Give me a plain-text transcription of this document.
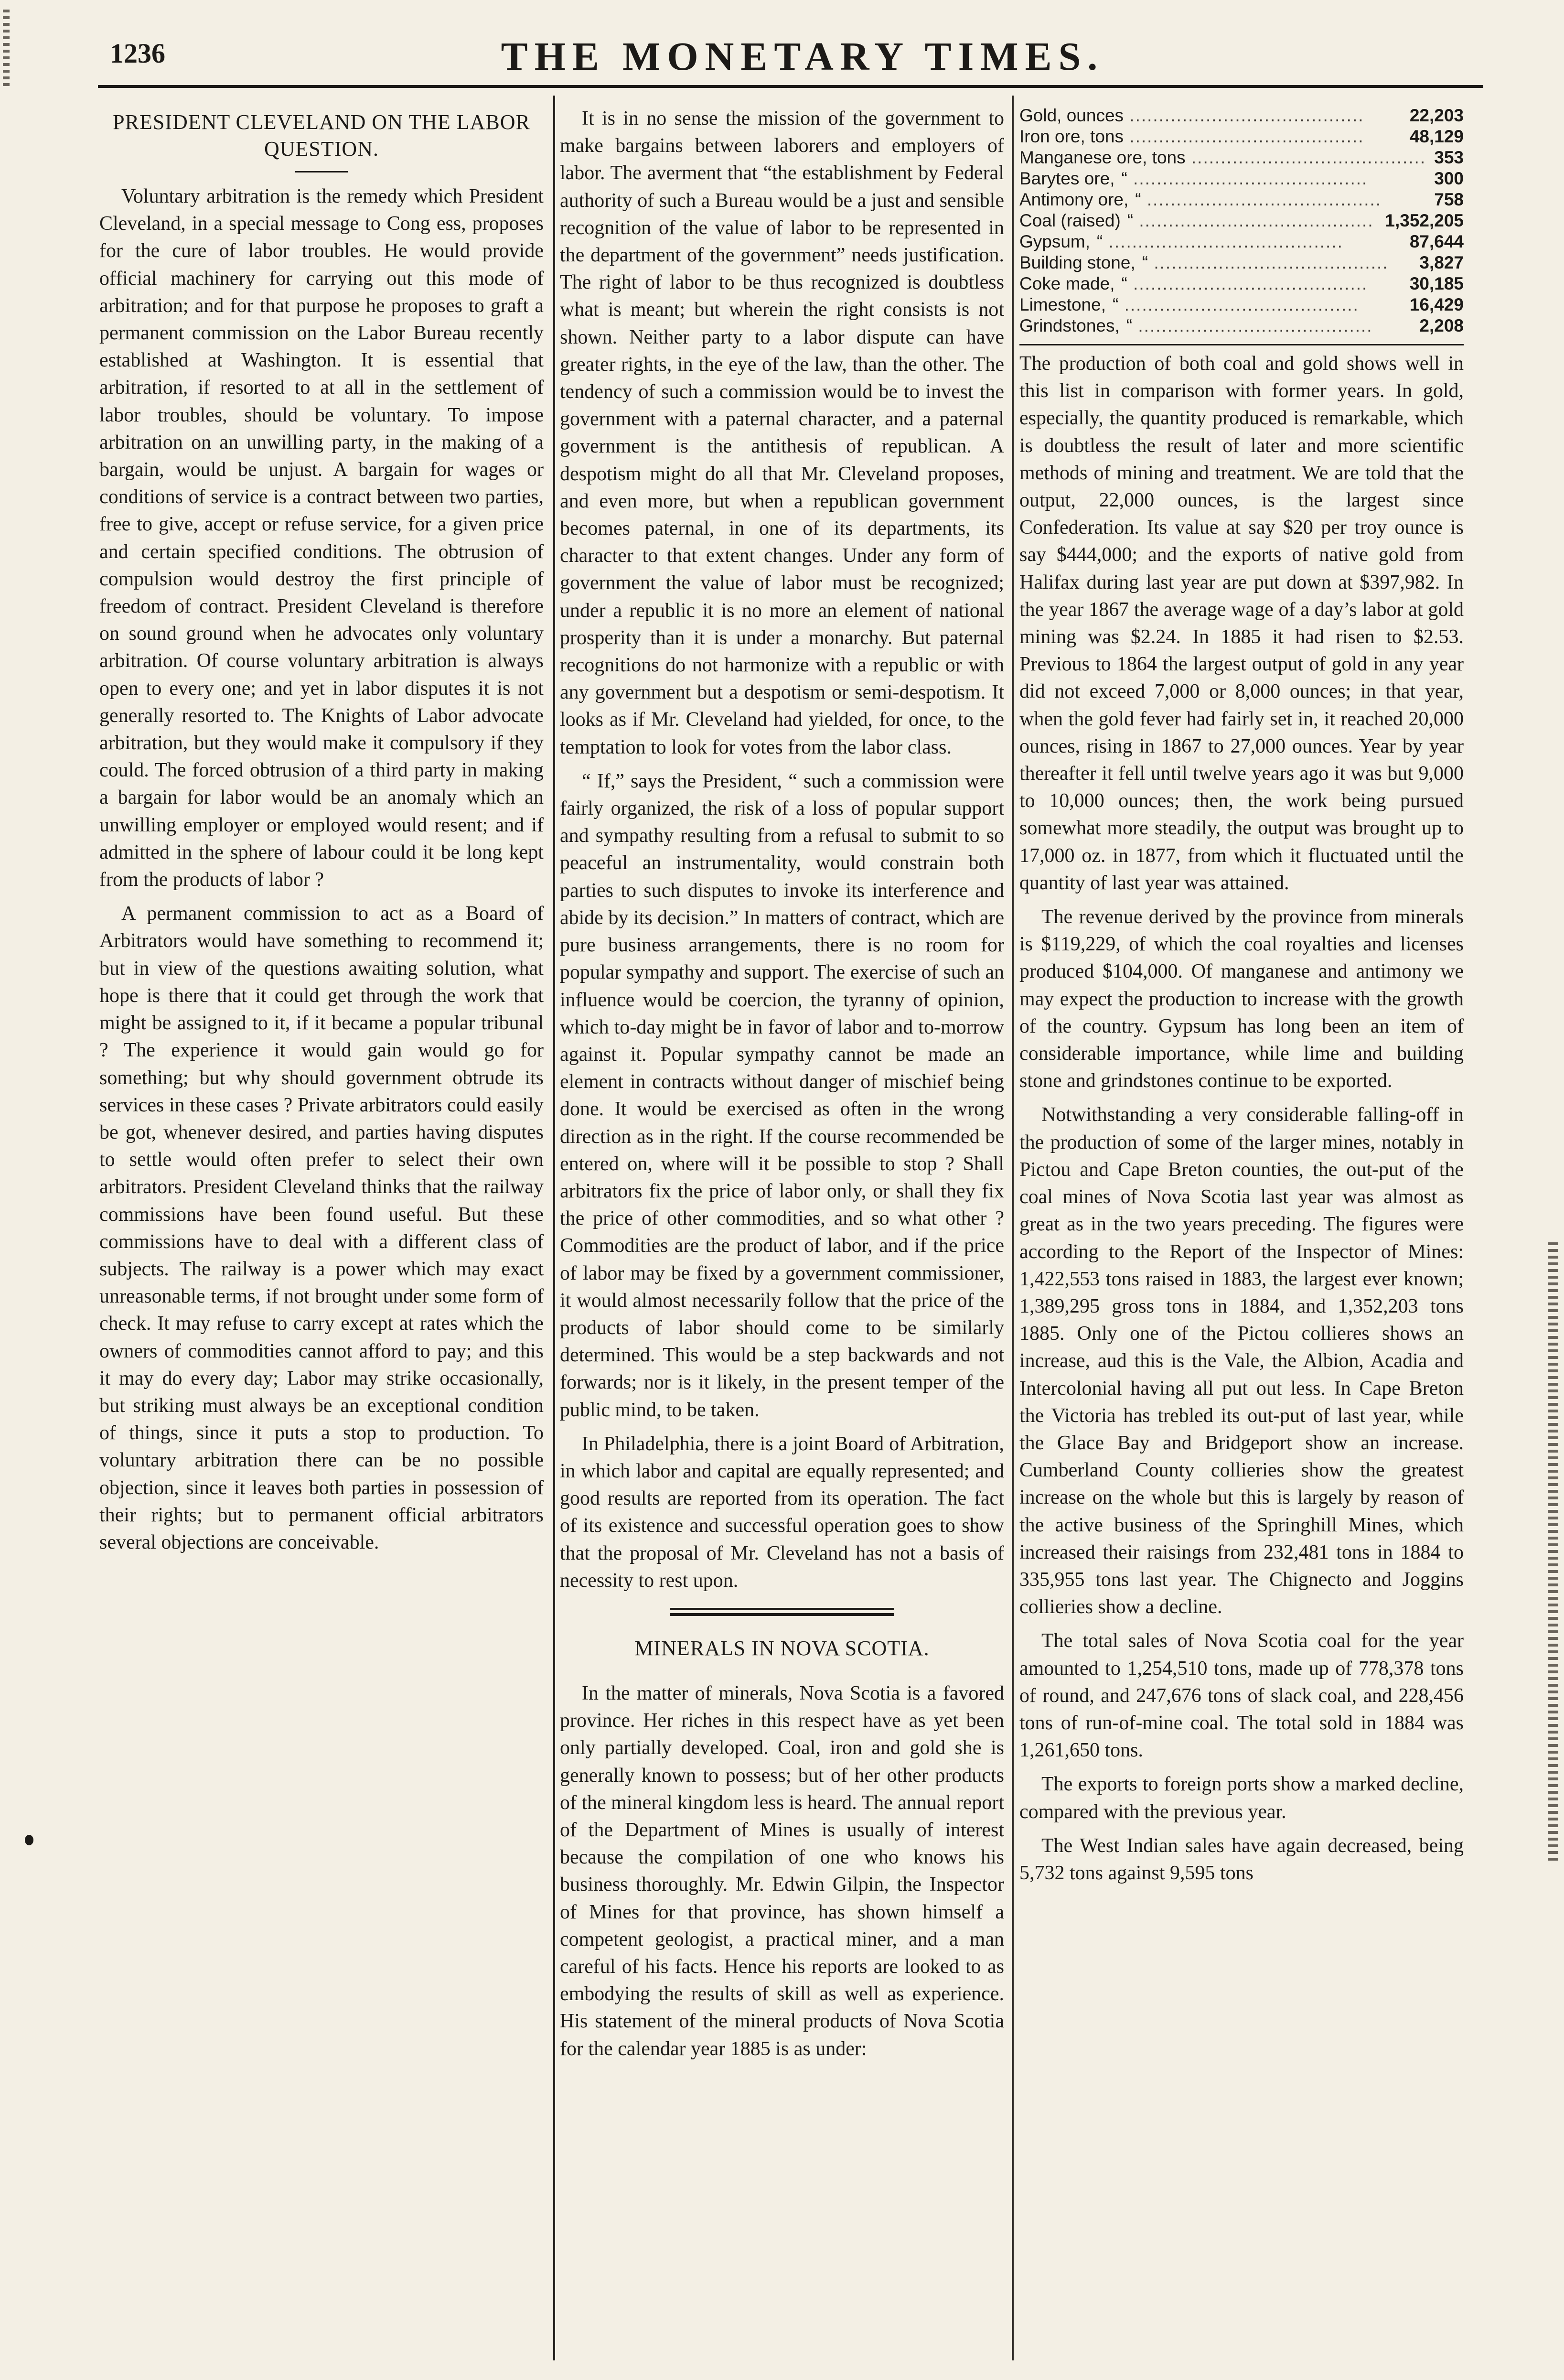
1236	THE MONETARY TIMES.
PRESIDENT CLEVELAND ON THE LABOR QUESTION.

Voluntary arbitration is the remedy which President Cleveland, in a special message to Cong ess, proposes for the cure of labor troubles. He would provide official machinery for carrying out this mode of arbitration; and for that purpose he proposes to graft a permanent commission on the Labor Bureau recently established at Washington. It is essential that arbitration, if resorted to at all in the settlement of labor troubles, should be voluntary. To impose arbitration on an unwilling party, in the making of a bargain, would be unjust. A bargain for wages or conditions of service is a contract between two parties, free to give, accept or refuse service, for a given price and certain specified conditions. The obtrusion of compulsion would destroy the first principle of freedom of contract. President Cleveland is therefore on sound ground when he advocates only voluntary arbitration. Of course voluntary arbitration is always open to every one; and yet in labor disputes it is not generally resorted to. The Knights of Labor advocate arbitration, but they would make it compulsory if they could. The forced obtrusion of a third party in making a bargain for labor would be an anomaly which an unwilling employer or employed would resent; and if admitted in the sphere of labour could it be long kept from the products of labor ?

A permanent commission to act as a Board of Arbitrators would have something to recommend it; but in view of the questions awaiting solution, what hope is there that it could get through the work that might be assigned to it, if it became a popular tribunal ? The experience it would gain would go for something; but why should government obtrude its services in these cases ? Private arbitrators could easily be got, whenever desired, and parties having disputes to settle would often prefer to select their own arbitrators. President Cleveland thinks that the railway commissions have been found useful. But these commissions have to deal with a different class of subjects. The railway is a power which may exact unreasonable terms, if not brought under some form of check. It may refuse to carry except at rates which the owners of commodities cannot afford to pay; and this it may do every day; Labor may strike occasionally, but striking must always be an exceptional condition of things, since it puts a stop to production. To voluntary arbitration there can be no possible objection, since it leaves both parties in possession of their rights; but to permanent official arbitrators several objections are conceivable.

It is in no sense the mission of the government to make bargains between laborers and employers of labor. The averment that “the establishment by Federal authority of such a Bureau would be a just and sensible recognition of the value of labor to be represented in the department of the government” needs justification. The right of labor to be thus recognized is doubtless what is meant; but wherein the right consists is not shown. Neither party to a labor dispute can have greater rights, in the eye of the law, than the other. The tendency of such a commission would be to invest the government with a paternal character, and a paternal government is the antithesis of republican. A despotism might do all that Mr. Cleveland proposes, and even more, but when a republican government becomes paternal, in one of its departments, its character to that extent changes. Under any form of government the value of labor must be recognized; under a republic it is no more an element of national prosperity than it is under a monarchy. But paternal recognitions do not harmonize with a republic or with any government but a despotism or semi-despotism. It looks as if Mr. Cleveland had yielded, for once, to the temptation to look for votes from the labor class.

“ If,” says the President, “ such a commission were fairly organized, the risk of a loss of popular support and sympathy resulting from a refusal to submit to so peaceful an instrumentality, would constrain both parties to such disputes to invoke its interference and abide by its decision.” In matters of contract, which are pure business arrangements, there is no room for popular sympathy and support. The exercise of such an influence would be coercion, the tyranny of opinion, which to-day might be in favor of labor and to-morrow against it. Popular sympathy cannot be made an element in contracts without danger of mischief being done. It would be exercised as often in the wrong direction as in the right. If the course recommended be entered on, where will it be possible to stop ? Shall arbitrators fix the price of labor only, or shall they fix the price of other commodities, and so what other ? Commodities are the product of labor, and if the price of labor may be fixed by a government commissioner, it would almost necessarily follow that the price of the products of labor should come to be similarly determined. This would be a step backwards and not forwards; nor is it likely, in the present temper of the public mind, to be taken.

In Philadelphia, there is a joint Board of Arbitration, in which labor and capital are equally represented; and good results are reported from its operation. The fact of its existence and successful operation goes to show that the proposal of Mr. Cleveland has not a basis of necessity to rest upon.

MINERALS IN NOVA SCOTIA.

In the matter of minerals, Nova Scotia is a favored province. Her riches in this respect have as yet been only partially developed. Coal, iron and gold she is generally known to possess; but of her other products of the mineral kingdom less is heard. The annual report of the Department of Mines is usually of interest because the compilation of one who knows his business thoroughly. Mr. Edwin Gilpin, the Inspector of Mines for that province, has shown himself a competent geologist, a practical miner, and a man careful of his facts. Hence his reports are looked to as embodying the results of skill as well as experience. His statement of the mineral products of Nova Scotia for the calendar year 1885 is as under:

Gold, ounces ........................................	22,203
Iron ore, tons ........................................	48,129
Manganese ore, tons ........................................	353
Barytes ore, “ ........................................	300
Antimony ore, “ ........................................	758
Coal (raised) “ ........................................	1,352,205
Gypsum, “ ........................................	87,644
Building stone, “ ........................................	3,827
Coke made, “ ........................................	30,185
Limestone, “ ........................................	16,429
Grindstones, “ ........................................	2,208

The production of both coal and gold shows well in this list in comparison with former years. In gold, especially, the quantity produced is remarkable, which is doubtless the result of later and more scientific methods of mining and treatment. We are told that the output, 22,000 ounces, is the largest since Confederation. Its value at say $20 per troy ounce is say $444,000; and the exports of native gold from Halifax during last year are put down at $397,982. In the year 1867 the average wage of a day’s labor at gold mining was $2.24. In 1885 it had risen to $2.53. Previous to 1864 the largest output of gold in any year did not exceed 7,000 or 8,000 ounces; in that year, when the gold fever had fairly set in, it reached 20,000 ounces, rising in 1867 to 27,000 ounces. Year by year thereafter it fell until twelve years ago it was but 9,000 to 10,000 ounces; then, the work being pursued somewhat more steadily, the output was brought up to 17,000 oz. in 1877, from which it fluctuated until the quantity of last year was attained.

The revenue derived by the province from minerals is $119,229, of which the coal royalties and licenses produced $104,000. Of manganese and antimony we may expect the production to increase with the growth of the country. Gypsum has long been an item of considerable importance, while lime and building stone and grindstones continue to be exported.

Notwithstanding a very considerable falling-off in the production of some of the larger mines, notably in Pictou and Cape Breton counties, the out-put of the coal mines of Nova Scotia last year was almost as great as in the two years preceding. The figures were according to the Report of the Inspector of Mines: 1,422,553 tons raised in 1883, the largest ever known; 1,389,295 gross tons in 1884, and 1,352,203 tons 1885. Only one of the Pictou collieres shows an increase, aud this is the Vale, the Albion, Acadia and Intercolonial having all put out less. In Cape Breton the Victoria has trebled its out-put of last year, while the Glace Bay and Bridgeport show an increase. Cumberland County collieries show the greatest increase on the whole but this is largely by reason of the active business of the Springhill Mines, which increased their raisings from 232,481 tons in 1884 to 335,955 tons last year. The Chignecto and Joggins collieries show a decline.

The total sales of Nova Scotia coal for the year amounted to 1,254,510 tons, made up of 778,378 tons of round, and 247,676 tons of slack coal, and 228,456 tons of run-of-mine coal. The total sold in 1884 was 1,261,650 tons.

The exports to foreign ports show a marked decline, compared with the previous year.

The West Indian sales have again decreased, being 5,732 tons against 9,595 tons
